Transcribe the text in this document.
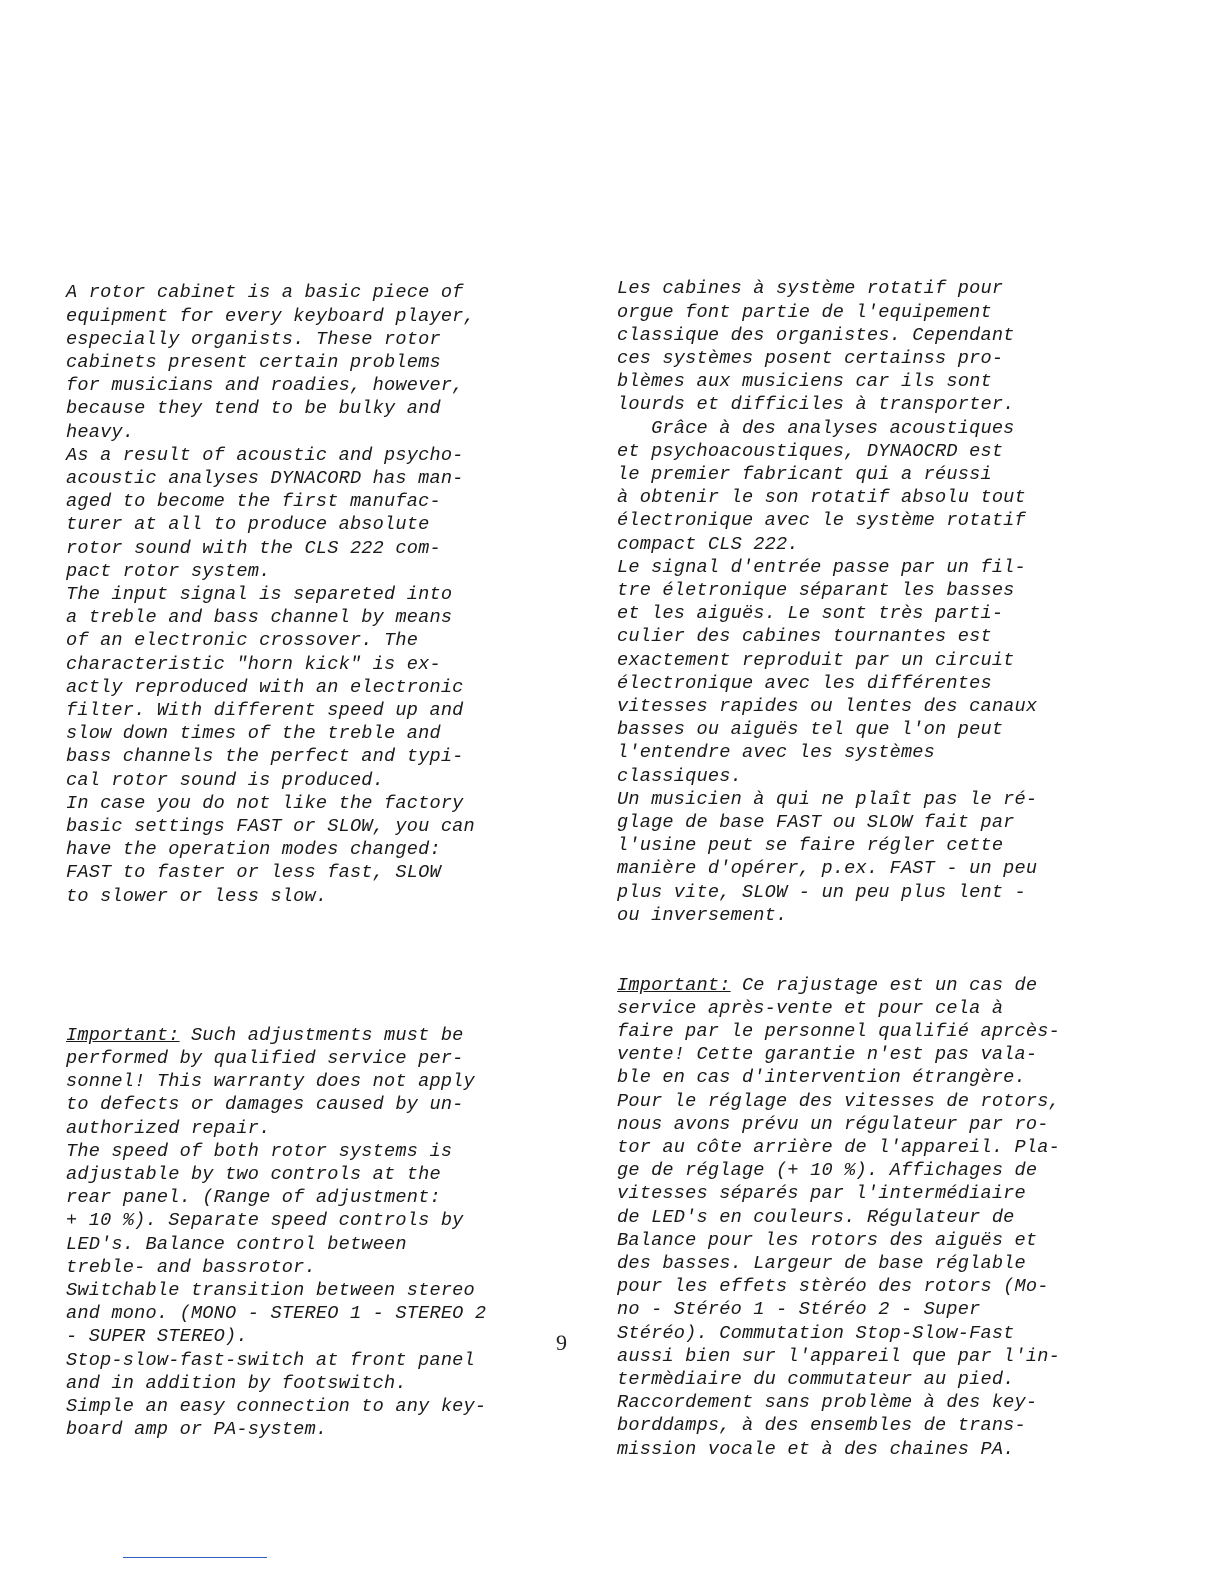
A rotor cabinet is a basic piece of
equipment for every keyboard player,
especially organists. These rotor
cabinets present certain problems
for musicians and roadies, however,
because they tend to be bulky and
heavy.
As a result of acoustic and psycho-
acoustic analyses DYNACORD has man-
aged to become the first manufac-
turer at all to produce absolute
rotor sound with the CLS 222 com-
pact rotor system.
The input signal is separeted into
a treble and bass channel by means
of an electronic crossover. The
characteristic "horn kick" is ex-
actly reproduced with an electronic
filter. With different speed up and
slow down times of the treble and
bass channels the perfect and typi-
cal rotor sound is produced.
In case you do not like the factory
basic settings FAST or SLOW, you can
have the operation modes changed:
FAST to faster or less fast, SLOW
to slower or less slow.

Important: Such adjustments must be
performed by qualified service per-
sonnel! This warranty does not apply
to defects or damages caused by un-
authorized repair.
The speed of both rotor systems is
adjustable by two controls at the
rear panel. (Range of adjustment:
+ 10 %). Separate speed controls by
LED's. Balance control between
treble- and bassrotor.
Switchable transition between stereo
and mono. (MONO - STEREO 1 - STEREO 2
- SUPER STEREO).
Stop-slow-fast-switch at front panel
and in addition by footswitch.
Simple an easy connection to any key-
board amp or PA-system.

Les cabines à système rotatif pour
orgue font partie de l'equipement
classique des organistes. Cependant
ces systèmes posent certainss pro-
blèmes aux musiciens car ils sont
lourds et difficiles à transporter.
Grâce à des analyses acoustiques
et psychoacoustiques, DYNAOCRD est
le premier fabricant qui a réussi
à obtenir le son rotatif absolu tout
électronique avec le système rotatif
compact CLS 222.
Le signal d'entrée passe par un fil-
tre életronique séparant les basses
et les aiguës. Le sont très parti-
culier des cabines tournantes est
exactement reproduit par un circuit
électronique avec les différentes
vitesses rapides ou lentes des canaux
basses ou aiguës tel que l'on peut
l'entendre avec les systèmes
classiques.
Un musicien à qui ne plaît pas le ré-
glage de base FAST ou SLOW fait par
l'usine peut se faire régler cette
manière d'opérer, p.ex. FAST - un peu
plus vite, SLOW - un peu plus lent -
ou inversement.

Important: Ce rajustage est un cas de
service après-vente et pour cela à
faire par le personnel qualifié aprcès-
vente! Cette garantie n'est pas vala-
ble en cas d'intervention étrangère.
Pour le réglage des vitesses de rotors,
nous avons prévu un régulateur par ro-
tor au côte arrière de l'appareil. Pla-
ge de réglage (+ 10 %). Affichages de
vitesses séparés par l'intermédiaire
de LED's en couleurs. Régulateur de
Balance pour les rotors des aiguës et
des basses. Largeur de base réglable
pour les effets stèréo des rotors (Mo-
no - Stéréo 1 - Stéréo 2 - Super
Stéréo). Commutation Stop-Slow-Fast
aussi bien sur l'appareil que par l'in-
termèdiaire du commutateur au pied.
Raccordement sans problème à des key-
borddamps, à des ensembles de trans-
mission vocale et à des chaines PA.

9
